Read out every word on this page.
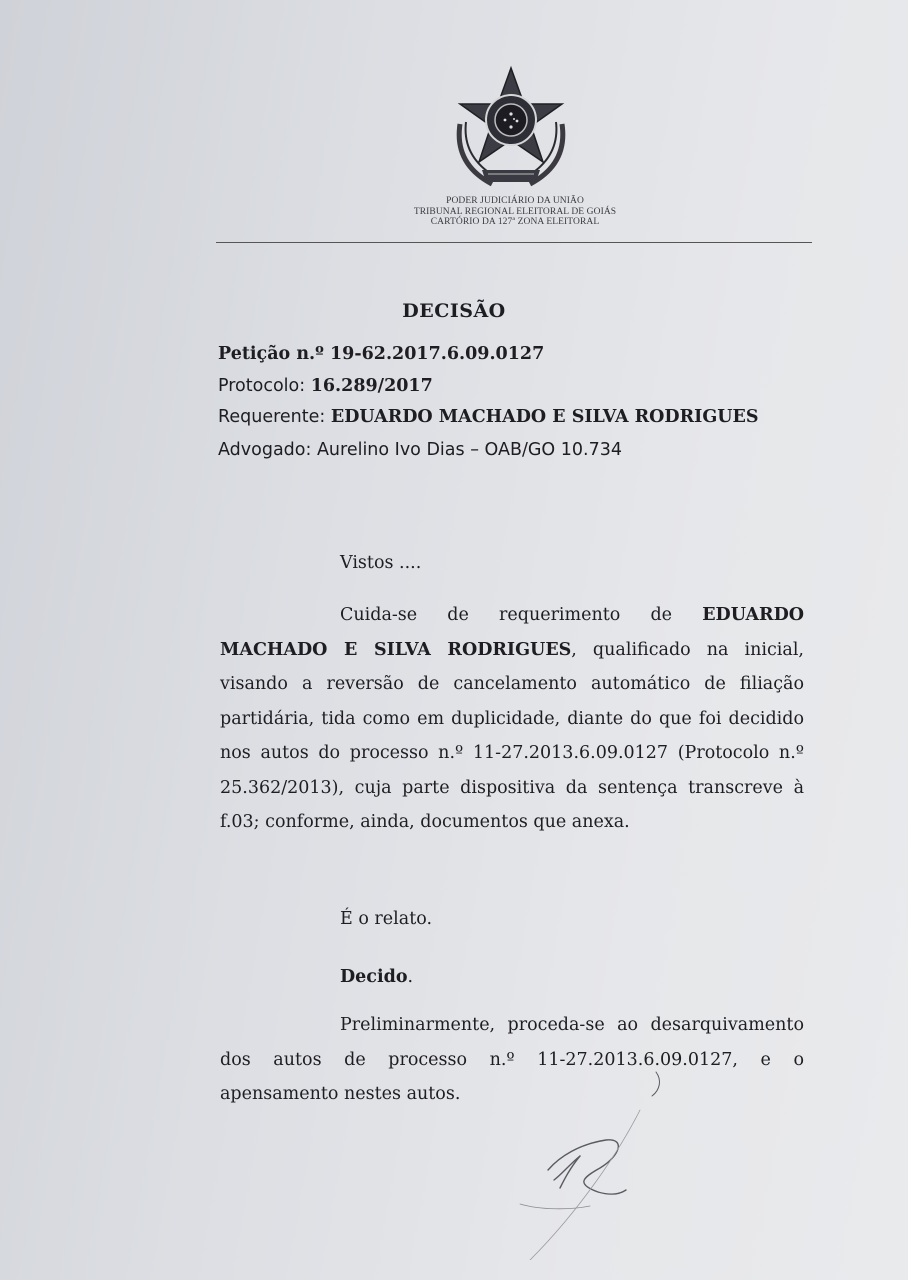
PODER JUDICIÁRIO DA UNIÃO
TRIBUNAL REGIONAL ELEITORAL DE GOIÁS
CARTÓRIO DA 127ª ZONA ELEITORAL
DECISÃO
Petição n.º 19-62.2017.6.09.0127
Protocolo: 16.289/2017
Requerente: EDUARDO MACHADO E SILVA RODRIGUES
Advogado: Aurelino Ivo Dias – OAB/GO 10.734
Vistos ....
Cuida-se de requerimento de EDUARDO MACHADO E SILVA RODRIGUES, qualificado na inicial, visando a reversão de cancelamento automático de filiação partidária, tida como em duplicidade, diante do que foi decidido nos autos do processo n.º 11-27.2013.6.09.0127 (Protocolo n.º 25.362/2013), cuja parte dispositiva da sentença transcreve à f.03; conforme, ainda, documentos que anexa.
É o relato.
Decido.
Preliminarmente, proceda-se ao desarquivamento dos autos de processo n.º 11-27.2013.6.09.0127, e o apensamento nestes autos.
